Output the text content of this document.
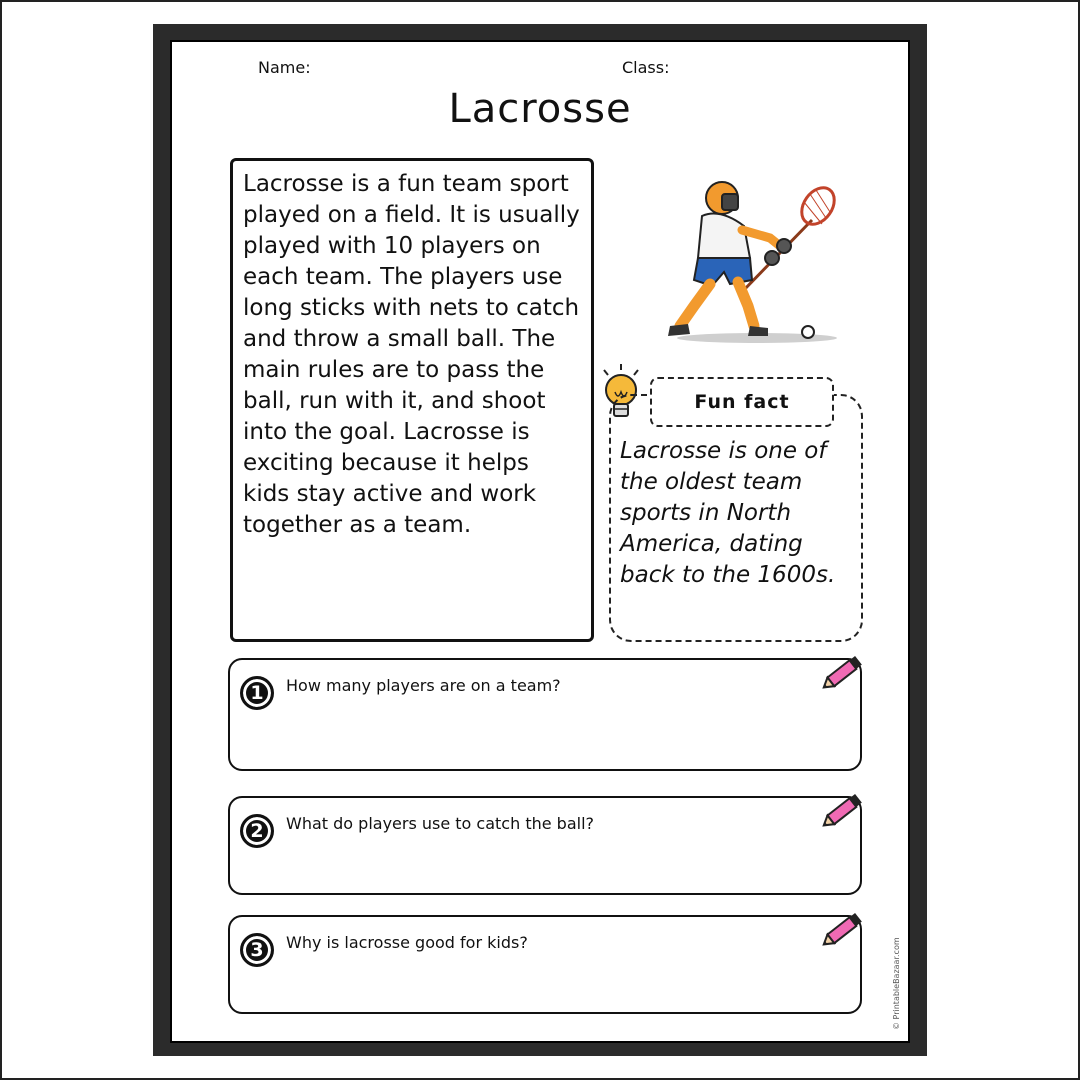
Name:	Class:
Lacrosse

Lacrosse is a fun team sport played on a field. It is usually played with 10 players on each team. The players use long sticks with nets to catch and throw a small ball. The main rules are to pass the ball, run with it, and shoot into the goal. Lacrosse is exciting because it helps kids stay active and work together as a team.

Fun fact

Lacrosse is one of the oldest team sports in North America, dating back to the 1600s.

1	How many players are on a team?
2	What do players use to catch the ball?
3	Why is lacrosse good for kids?	© PrintableBazaar.com
